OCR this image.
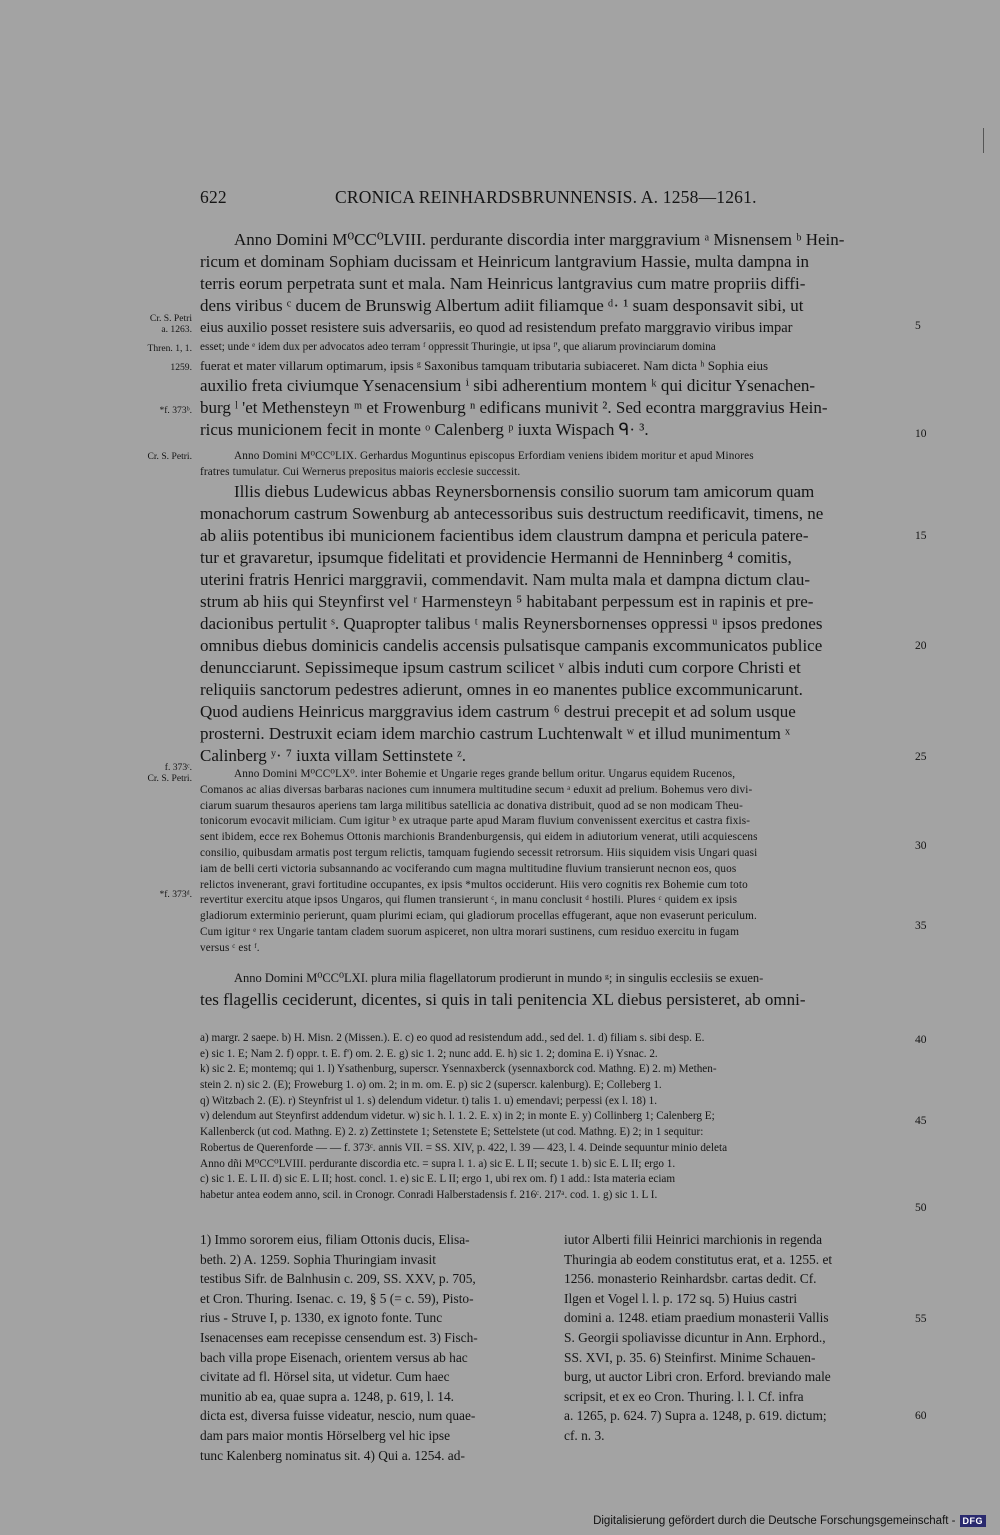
622	CRONICA REINHARDSBRUNNENSIS. A. 1258—1261.
Anno Domini M⁰CC⁰LVIII. perdurante discordia inter marggravium ᵃ Misnensem ᵇ Hein-
ricum et dominam Sophiam ducissam et Heinricum lantgravium Hassie, multa dampna in
terris eorum perpetrata sunt et mala. Nam Heinricus lantgravius cum matre propriis diffi-
dens viribus ᶜ ducem de Brunswig Albertum adiit filiamque ᵈ· ¹ suam desponsavit sibi, ut
eius auxilio posset resistere suis adversariis, eo quod ad resistendum prefato marggravio viribus impar
esset; unde ᵉ idem dux per advocatos adeo terram ᶠ oppressit Thuringie, ut ipsa ᶠ', que aliarum provinciarum domina
fuerat et mater villarum optimarum, ipsis ᵍ Saxonibus tamquam tributaria subiaceret. Nam dicta ʰ Sophia eius
auxilio freta civiumque Ysenacensium ⁱ sibi adherentium montem ᵏ qui dicitur Ysenachen-
burg ˡ 'et Methensteyn ᵐ et Frowenburg ⁿ edificans munivit ². Sed econtra marggravius Hein-
ricus municionem fecit in monte ᵒ Calenberg ᵖ iuxta Wispach ᑫ· ³.
Anno Domini M⁰CC⁰LIX. Gerhardus Moguntinus episcopus Erfordiam veniens ibidem moritur et apud Minores
fratres tumulatur. Cui Wernerus prepositus maioris ecclesie successit.
Illis diebus Ludewicus abbas Reynersbornensis consilio suorum tam amicorum quam
monachorum castrum Sowenburg ab antecessoribus suis destructum reedificavit, timens, ne
ab aliis potentibus ibi municionem facientibus idem claustrum dampna et pericula patere-
tur et gravaretur, ipsumque fidelitati et providencie Hermanni de Henninberg ⁴ comitis,
uterini fratris Henrici marggravii, commendavit. Nam multa mala et dampna dictum clau-
strum ab hiis qui Steynfirst vel ʳ Harmensteyn ⁵ habitabant perpessum est in rapinis et pre-
dacionibus pertulit ˢ. Quapropter talibus ᵗ malis Reynersbornenses oppressi ᵘ ipsos predones
omnibus diebus dominicis candelis accensis pulsatisque campanis excommunicatos publice
denuncciarunt. Sepissimeque ipsum castrum scilicet ᵛ albis induti cum corpore Christi et
reliquiis sanctorum pedestres adierunt, omnes in eo manentes publice excommunicarunt.
Quod audiens Heinricus marggravius idem castrum ⁶ destrui precepit et ad solum usque
prosterni. Destruxit eciam idem marchio castrum Luchtenwalt ʷ et illud munimentum ˣ
Calinberg ʸ· ⁷ iuxta villam Settinstete ᶻ.
Anno Domini M⁰CC⁰LX⁰. inter Bohemie et Ungarie reges grande bellum oritur. Ungarus equidem Rucenos,
Comanos ac alias diversas barbaras naciones cum innumera multitudine secum ᵃ eduxit ad prelium. Bohemus vero divi-
ciarum suarum thesauros aperiens tam larga militibus satellicia ac donativa distribuit, quod ad se non modicam Theu-
tonicorum evocavit miliciam. Cum igitur ᵇ ex utraque parte apud Maram fluvium convenissent exercitus et castra fixis-
sent ibidem, ecce rex Bohemus Ottonis marchionis Brandenburgensis, qui eidem in adiutorium venerat, utili acquiescens
consilio, quibusdam armatis post tergum relictis, tamquam fugiendo secessit retrorsum. Hiis siquidem visis Ungari quasi
iam de belli certi victoria subsannando ac vociferando cum magna multitudine fluvium transierunt necnon eos, quos
relictos invenerant, gravi fortitudine occupantes, ex ipsis *multos occiderunt. Hiis vero cognitis rex Bohemie cum toto
revertitur exercitu atque ipsos Ungaros, qui flumen transierunt ᶜ, in manu conclusit ᵈ hostili. Plures ᶜ quidem ex ipsis
gladiorum exterminio perierunt, quam plurimi eciam, qui gladiorum procellas effugerant, aque non evaserunt periculum.
Cum igitur ᵉ rex Ungarie tantam cladem suorum aspiceret, non ultra morari sustinens, cum residuo exercitu in fugam
versus ᶜ est ᶠ.
Anno Domini M⁰CC⁰LXI. plura milia flagellatorum prodierunt in mundo ᵍ; in singulis ecclesiis se exuen-
tes flagellis ceciderunt, dicentes, si quis in tali penitencia XL diebus persisteret, ab omni-
a) margr. 2 saepe. b) H. Misn. 2 (Missen.). E. c) eo quod ad resistendum add., sed del. 1. d) filiam s. sibi desp. E.
e) sic 1. E; Nam 2. f) oppr. t. E. f') om. 2. E. g) sic 1. 2; nunc add. E. h) sic 1. 2; domina E. i) Ysnac. 2.
k) sic 2. E; montemq; qui 1. l) Ysathenburg, superscr. Ysennaxberck (ysennaxborck cod. Mathng. E) 2. m) Methen-
stein 2. n) sic 2. (E); Froweburg 1. o) om. 2; in m. om. E. p) sic 2 (superscr. kalenburg). E; Colleberg 1.
q) Witzbach 2. (E). r) Steynfrist ul 1. s) delendum videtur. t) talis 1. u) emendavi; perpessi (ex l. 18) 1.
v) delendum aut Steynfirst addendum videtur. w) sic h. l. 1. 2. E. x) in 2; in monte E. y) Collinberg 1; Calenberg E;
Kallenberck (ut cod. Mathng. E) 2. z) Zettinstete 1; Setenstete E; Settelstete (ut cod. Mathng. E) 2; in 1 sequitur:
Robertus de Querenforde — — f. 373ᶜ. annis VII. = SS. XIV, p. 422, l. 39 — 423, l. 4. Deinde sequuntur minio deleta
Anno dñi M⁰CC⁰LVIII. perdurante discordia etc. = supra l. 1. a) sic E. L II; secute 1. b) sic E. L II; ergo 1.
c) sic 1. E. L II. d) sic E. L II; host. concl. 1. e) sic E. L II; ergo 1, ubi rex om. f) 1 add.: Ista materia eciam
habetur antea eodem anno, scil. in Cronogr. Conradi Halberstadensis f. 216ᶜ. 217ᵃ. cod. 1. g) sic 1. L I.
1) Immo sororem eius, filiam Ottonis ducis, Elisa-
beth. 2) A. 1259. Sophia Thuringiam invasit
testibus Sifr. de Balnhusin c. 209, SS. XXV, p. 705,
et Cron. Thuring. Isenac. c. 19, § 5 (= c. 59), Pisto-
rius - Struve I, p. 1330, ex ignoto fonte. Tunc
Isenacenses eam recepisse censendum est. 3) Fisch-
bach villa prope Eisenach, orientem versus ab hac
civitate ad fl. Hörsel sita, ut videtur. Cum haec
munitio ab ea, quae supra a. 1248, p. 619, l. 14.
dicta est, diversa fuisse videatur, nescio, num quae-
dam pars maior montis Hörselberg vel hic ipse
tunc Kalenberg nominatus sit. 4) Qui a. 1254. ad-
iutor Alberti filii Heinrici marchionis in regenda
Thuringia ab eodem constitutus erat, et a. 1255. et
1256. monasterio Reinhardsbr. cartas dedit. Cf.
Ilgen et Vogel l. l. p. 172 sq. 5) Huius castri
domini a. 1248. etiam praedium monasterii Vallis
S. Georgii spoliavisse dicuntur in Ann. Erphord.,
SS. XVI, p. 35. 6) Steinfirst. Minime Schauen-
burg, ut auctor Libri cron. Erford. breviando male
scripsit, et ex eo Cron. Thuring. l. l. Cf. infra
a. 1265, p. 624. 7) Supra a. 1248, p. 619. dictum;
cf. n. 3.
Cr. S. Petri
a. 1263.
Thren. 1, 1.
1259.
*f. 373ᵇ.
Cr. S. Petri.
f. 373ᶜ.
Cr. S. Petri.
*f. 373ᵈ.
5
10
15
20
25
30
35
40
45
50
55
60
Digitalisierung gefördert durch die Deutsche Forschungsgemeinschaft - DFG
